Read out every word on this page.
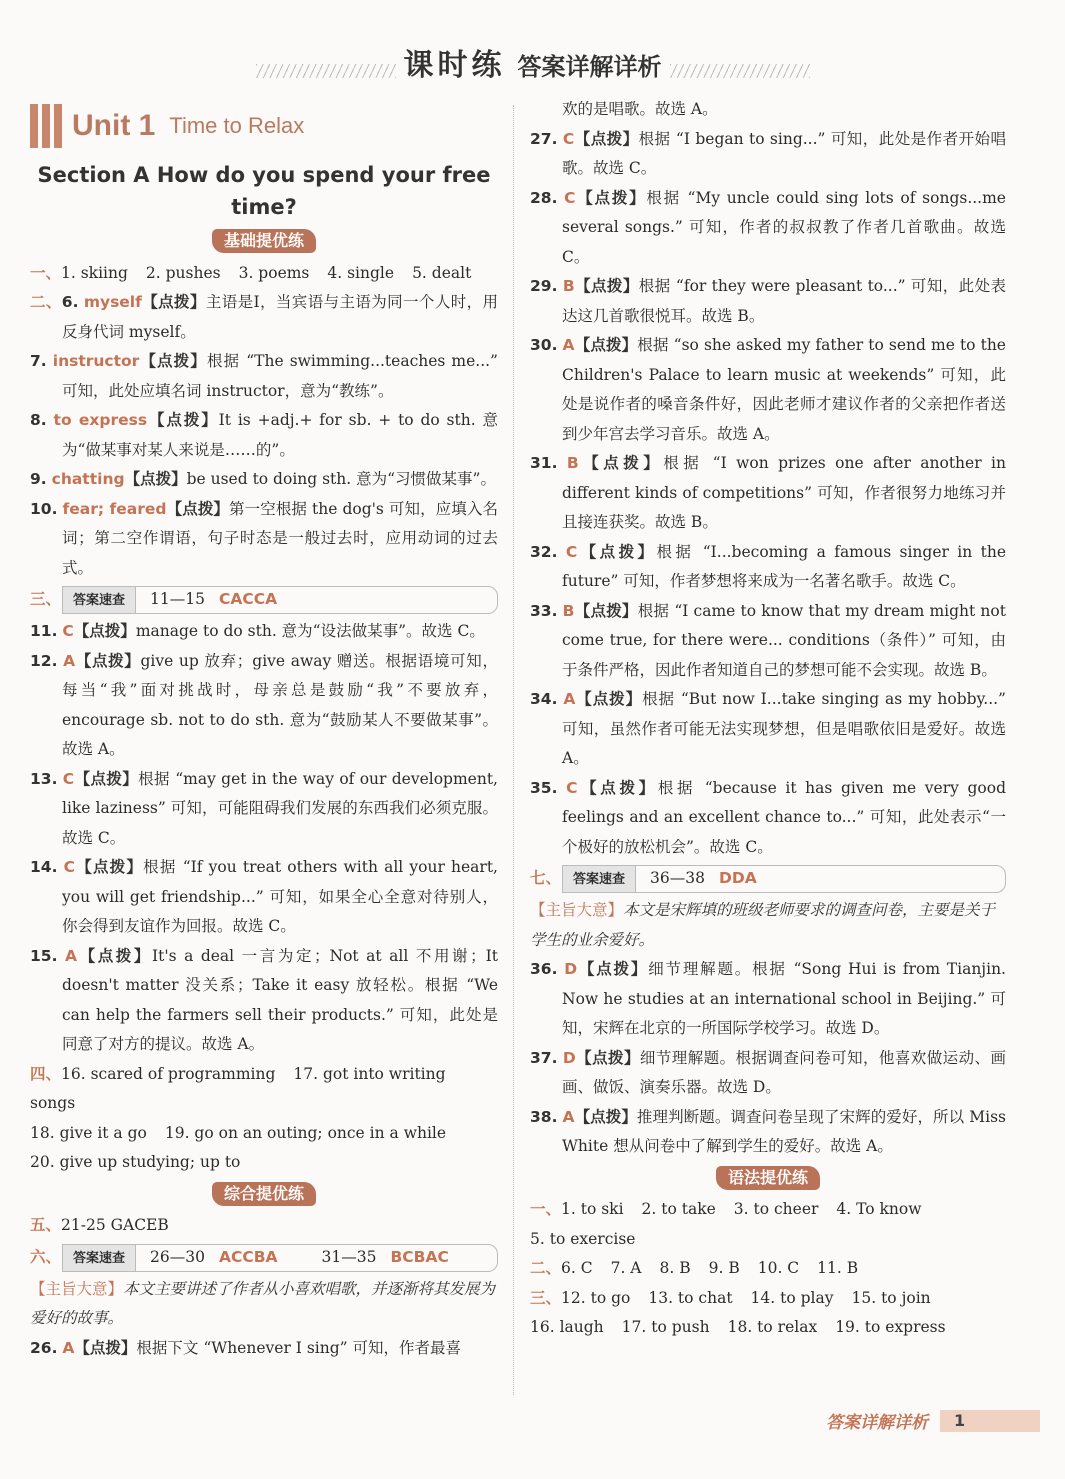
课时练 答案详解详析
Unit 1 Time to Relax
Section A How do you spend your free time?
基础提优练
一、1. skiing 2. pushes 3. poems 4. single 5. dealt
二、6. myself【点拨】主语是I，当宾语与主语为同一个人时，用反身代词 myself。
7. instructor【点拨】根据 “The swimming...teaches me...” 可知，此处应填名词 instructor，意为“教练”。
8. to express【点拨】It is +adj.+ for sb. + to do sth. 意为“做某事对某人来说是……的”。
9. chatting【点拨】be used to doing sth. 意为“习惯做某事”。
10. fear; feared【点拨】第一空根据 the dog's 可知，应填入名词；第二空作谓语，句子时态是一般过去时，应用动词的过去式。
三、 答案速查	11—15 CACCA
11. C【点拨】manage to do sth. 意为“设法做某事”。故选 C。
12. A【点拨】give up 放弃；give away 赠送。根据语境可知，每当“我”面对挑战时，母亲总是鼓励“我”不要放弃，encourage sb. not to do sth. 意为“鼓励某人不要做某事”。故选 A。
13. C【点拨】根据 “may get in the way of our development, like laziness” 可知，可能阻碍我们发展的东西我们必须克服。故选 C。
14. C【点拨】根据 “If you treat others with all your heart, you will get friendship...” 可知，如果全心全意对待别人，你会得到友谊作为回报。故选 C。
15. A【点拨】It's a deal 一言为定；Not at all 不用谢；It doesn't matter 没关系；Take it easy 放轻松。根据 “We can help the farmers sell their products.” 可知，此处是同意了对方的提议。故选 A。
四、16. scared of programming 17. got into writing songs
18. give it a go 19. go on an outing; once in a while
20. give up studying; up to
综合提优练
五、21-25 GACEB
六、 答案速查	26—30 ACCBA	31—35 BCBAC
【主旨大意】本文主要讲述了作者从小喜欢唱歌，并逐渐将其发展为爱好的故事。
26. A【点拨】根据下文 “Whenever I sing” 可知，作者最喜
欢的是唱歌。故选 A。
27. C【点拨】根据 “I began to sing...” 可知，此处是作者开始唱歌。故选 C。
28. C【点拨】根据 “My uncle could sing lots of songs...me several songs.” 可知，作者的叔叔教了作者几首歌曲。故选 C。
29. B【点拨】根据 “for they were pleasant to...” 可知，此处表达这几首歌很悦耳。故选 B。
30. A【点拨】根据 “so she asked my father to send me to the Children's Palace to learn music at weekends” 可知，此处是说作者的嗓音条件好，因此老师才建议作者的父亲把作者送到少年宫去学习音乐。故选 A。
31. B【点拨】根据 “I won prizes one after another in different kinds of competitions” 可知，作者很努力地练习并且接连获奖。故选 B。
32. C【点拨】根据 “I...becoming a famous singer in the future” 可知，作者梦想将来成为一名著名歌手。故选 C。
33. B【点拨】根据 “I came to know that my dream might not come true, for there were... conditions（条件）” 可知，由于条件严格，因此作者知道自己的梦想可能不会实现。故选 B。
34. A【点拨】根据 “But now I...take singing as my hobby...” 可知，虽然作者可能无法实现梦想，但是唱歌依旧是爱好。故选 A。
35. C【点拨】根据 “because it has given me very good feelings and an excellent chance to...” 可知，此处表示“一个极好的放松机会”。故选 C。
七、 答案速查	36—38 DDA
【主旨大意】本文是宋辉填的班级老师要求的调查问卷，主要是关于学生的业余爱好。
36. D【点拨】细节理解题。根据 “Song Hui is from Tianjin. Now he studies at an international school in Beijing.” 可知，宋辉在北京的一所国际学校学习。故选 D。
37. D【点拨】细节理解题。根据调查问卷可知，他喜欢做运动、画画、做饭、演奏乐器。故选 D。
38. A【点拨】推理判断题。调查问卷呈现了宋辉的爱好，所以 Miss White 想从问卷中了解到学生的爱好。故选 A。
语法提优练
一、1. to ski 2. to take 3. to cheer 4. To know
5. to exercise
二、6. C 7. A 8. B 9. B 10. C 11. B
三、12. to go 13. to chat 14. to play 15. to join
16. laugh 17. to push 18. to relax 19. to express
答案详解详析	1
